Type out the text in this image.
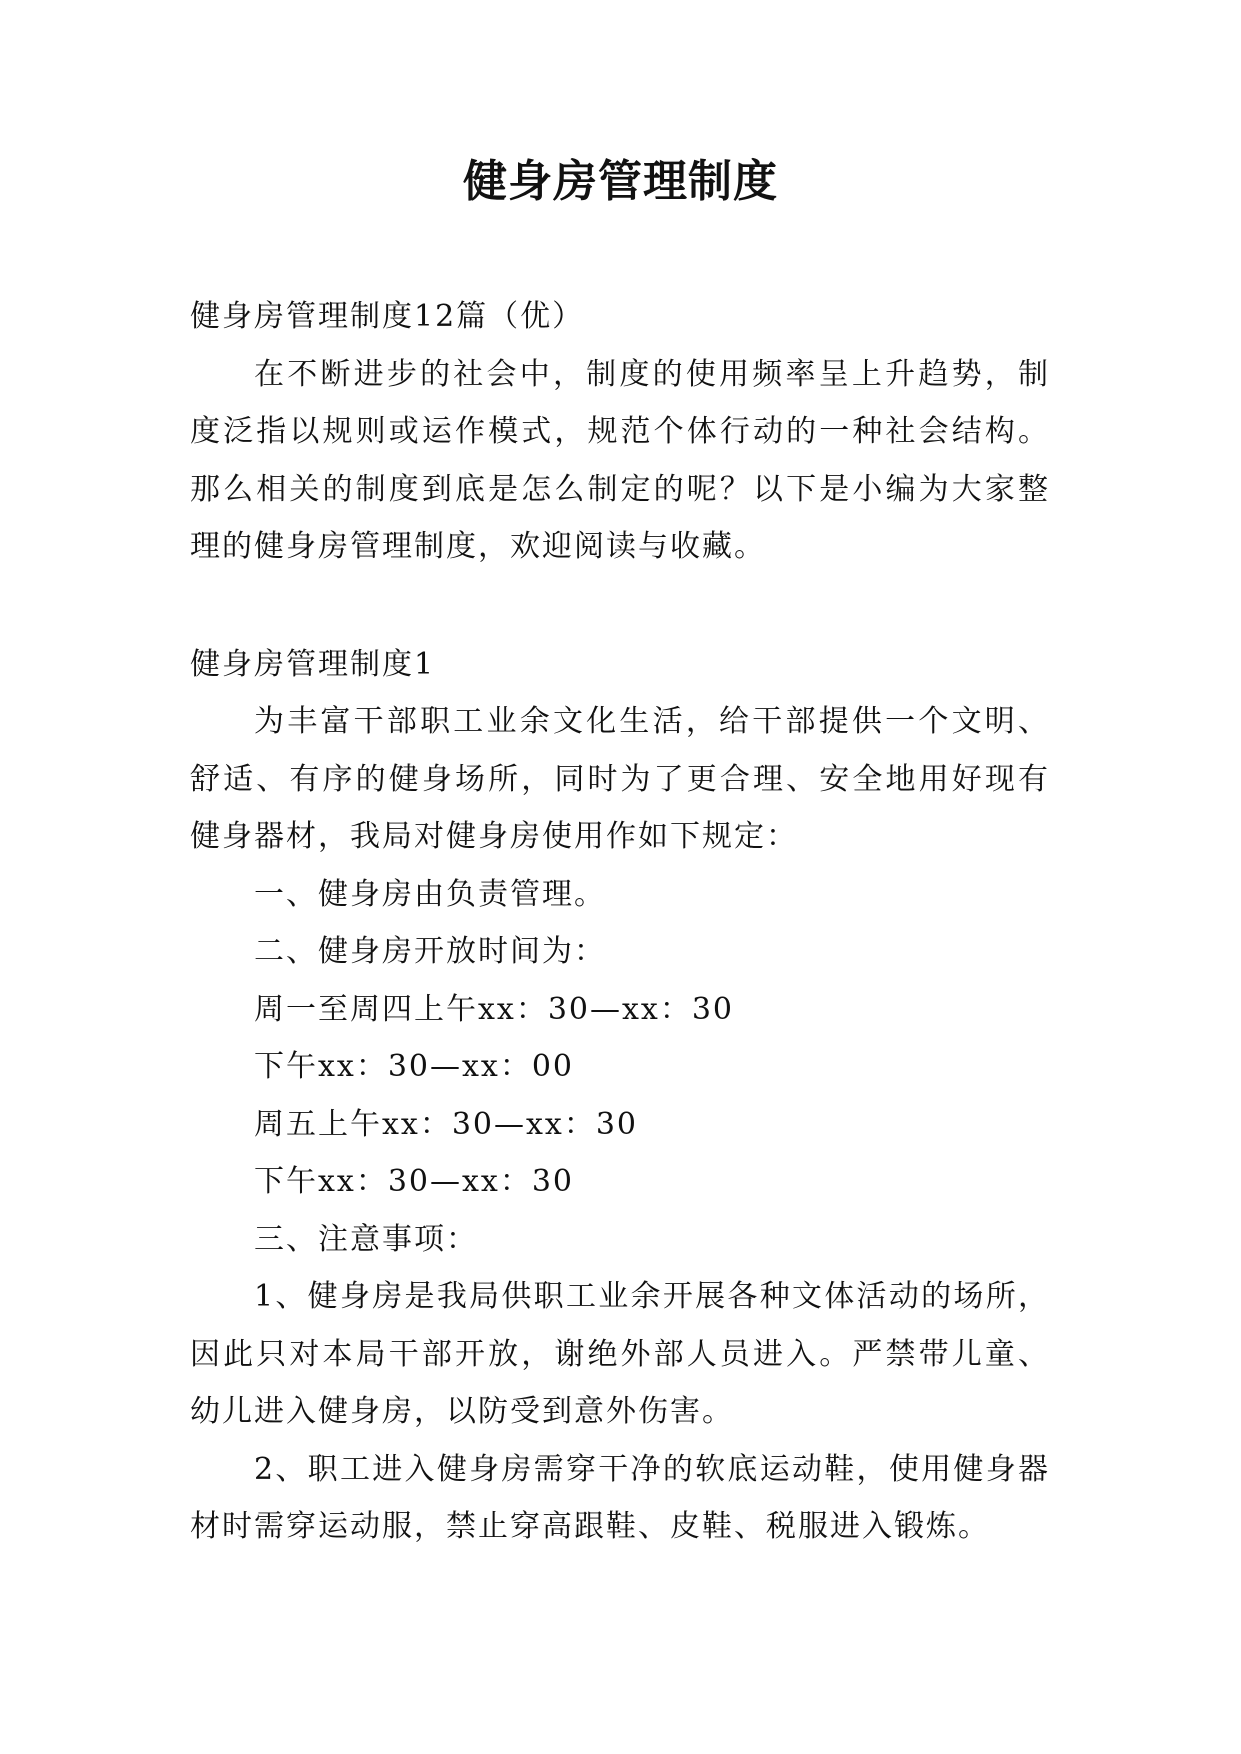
健身房管理制度

健身房管理制度12篇（优）

在不断进步的社会中，制度的使用频率呈上升趋势，制度泛指以规则或运作模式，规范个体行动的一种社会结构。那么相关的制度到底是怎么制定的呢？以下是小编为大家整理的健身房管理制度，欢迎阅读与收藏。

健身房管理制度1

为丰富干部职工业余文化生活，给干部提供一个文明、舒适、有序的健身场所，同时为了更合理、安全地用好现有健身器材，我局对健身房使用作如下规定：

一、健身房由负责管理。

二、健身房开放时间为：

周一至周四上午xx：30—xx：30

下午xx：30—xx：00

周五上午xx：30—xx：30

下午xx：30—xx：30

三、注意事项：

1、健身房是我局供职工业余开展各种文体活动的场所，因此只对本局干部开放，谢绝外部人员进入。严禁带儿童、幼儿进入健身房，以防受到意外伤害。

2、职工进入健身房需穿干净的软底运动鞋，使用健身器材时需穿运动服，禁止穿高跟鞋、皮鞋、税服进入锻炼。
